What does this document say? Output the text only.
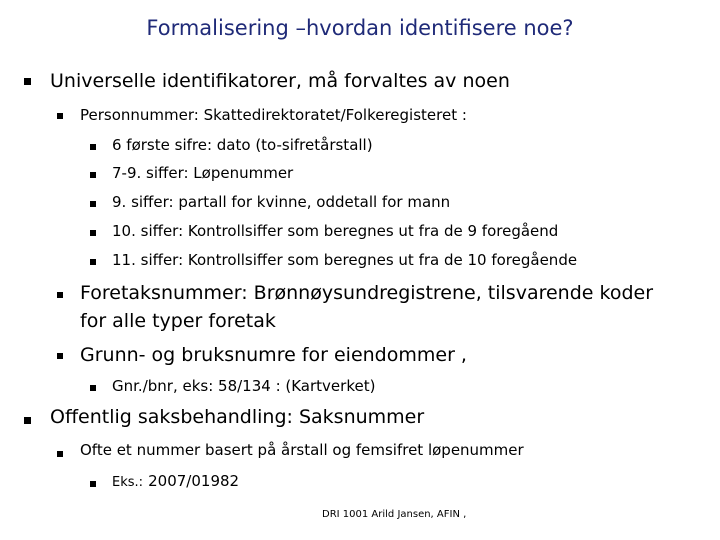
Formalisering –hvordan identifisere noe?
Universelle identifikatorer, må forvaltes av noen
Personnummer: Skattedirektoratet/Folkeregisteret :
6 første sifre: dato (to-sifretårstall)
7-9. siffer: Løpenummer
9. siffer: partall for kvinne, oddetall for mann
10. siffer: Kontrollsiffer som beregnes ut fra de 9 foregåend
11. siffer: Kontrollsiffer som beregnes ut fra de 10 foregående
Foretaksnummer: Brønnøysundregistrene, tilsvarende koder
for alle typer foretak
Grunn- og bruksnumre for eiendommer ,
Gnr./bnr, eks: 58/134 : (Kartverket)
Offentlig saksbehandling: Saksnummer
Ofte et nummer basert på årstall og femsifret løpenummer
Eks.: 2007/01982
DRI 1001 Arild Jansen, AFIN ,
